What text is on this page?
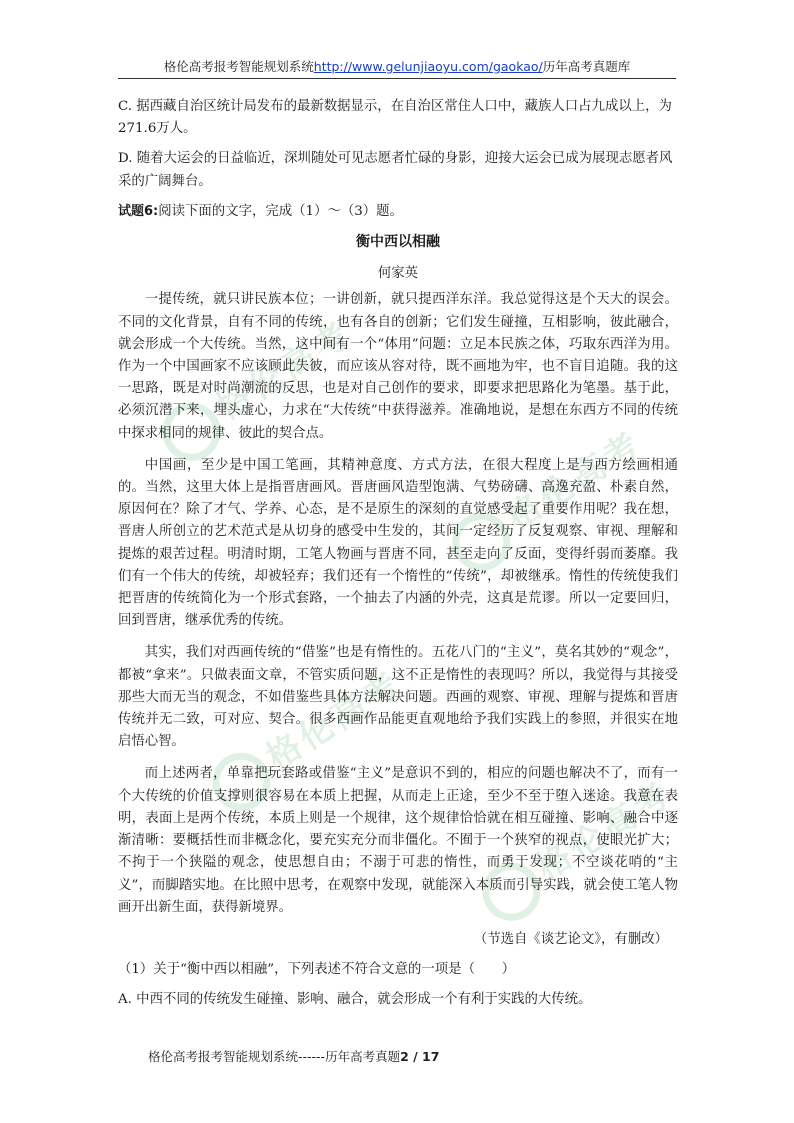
格伦高考报考智能规划系统http://www.gelunjiaoyu.com/gaokao/历年高考真题库
格伦高考
格伦高考
格伦高考
格伦高考

C. 据西藏自治区统计局发布的最新数据显示，在自治区常住人口中，藏族人口占九成以上，为271.6万人。

D. 随着大运会的日益临近，深圳随处可见志愿者忙碌的身影，迎接大运会已成为展现志愿者风采的广阔舞台。

试题6:阅读下面的文字，完成（1）～（3）题。

衡中西以相融

何家英

一提传统，就只讲民族本位；一讲创新，就只提西洋东洋。我总觉得这是个天大的误会。不同的文化背景，自有不同的传统，也有各自的创新；它们发生碰撞，互相影响，彼此融合，就会形成一个大传统。当然，这中间有一个“体用”问题：立足本民族之体，巧取东西洋为用。作为一个中国画家不应该顾此失彼，而应该从容对待，既不画地为牢，也不盲目追随。我的这一思路，既是对时尚潮流的反思，也是对自己创作的要求，即要求把思路化为笔墨。基于此，必须沉潜下来，埋头虚心，力求在“大传统”中获得滋养。准确地说，是想在东西方不同的传统中探求相同的规律、彼此的契合点。

中国画，至少是中国工笔画，其精神意度、方式方法，在很大程度上是与西方绘画相通的。当然，这里大体上是指晋唐画风。晋唐画风造型饱满、气势磅礴、高逸充盈、朴素自然，原因何在？除了才气、学养、心态，是不是原生的深刻的直觉感受起了重要作用呢？我在想，晋唐人所创立的艺术范式是从切身的感受中生发的，其间一定经历了反复观察、审视、理解和提炼的艰苦过程。明清时期，工笔人物画与晋唐不同，甚至走向了反面，变得纤弱而萎靡。我们有一个伟大的传统，却被轻弃；我们还有一个惰性的“传统”，却被继承。惰性的传统使我们把晋唐的传统简化为一个形式套路，一个抽去了内涵的外壳，这真是荒谬。所以一定要回归，回到晋唐，继承优秀的传统。

其实，我们对西画传统的“借鉴”也是有惰性的。五花八门的“主义”，莫名其妙的“观念”，都被“拿来”。只做表面文章，不管实质问题，这不正是惰性的表现吗？所以，我觉得与其接受那些大而无当的观念，不如借鉴些具体方法解决问题。西画的观察、审视、理解与提炼和晋唐传统并无二致，可对应、契合。很多西画作品能更直观地给予我们实践上的参照，并很实在地启悟心智。

而上述两者，单靠把玩套路或借鉴“主义”是意识不到的，相应的问题也解决不了，而有一个大传统的价值支撑则很容易在本质上把握，从而走上正途，至少不至于堕入迷途。我意在表明，表面上是两个传统，本质上则是一个规律，这个规律恰恰就在相互碰撞、影响、融合中逐渐清晰：要概括性而非概念化，要充实充分而非僵化。不囿于一个狭窄的视点，使眼光扩大；不拘于一个狭隘的观念，使思想自由；不溺于可悲的惰性，而勇于发现；不空谈花哨的“主义”，而脚踏实地。在比照中思考，在观察中发现，就能深入本质而引导实践，就会使工笔人物画开出新生面，获得新境界。

（节选自《谈艺论文》，有删改）

（1）关于“衡中西以相融”，下列表述不符合文意的一项是（　　）

A. 中西不同的传统发生碰撞、影响、融合，就会形成一个有利于实践的大传统。

格伦高考报考智能规划系统------历年高考真题2 / 17
